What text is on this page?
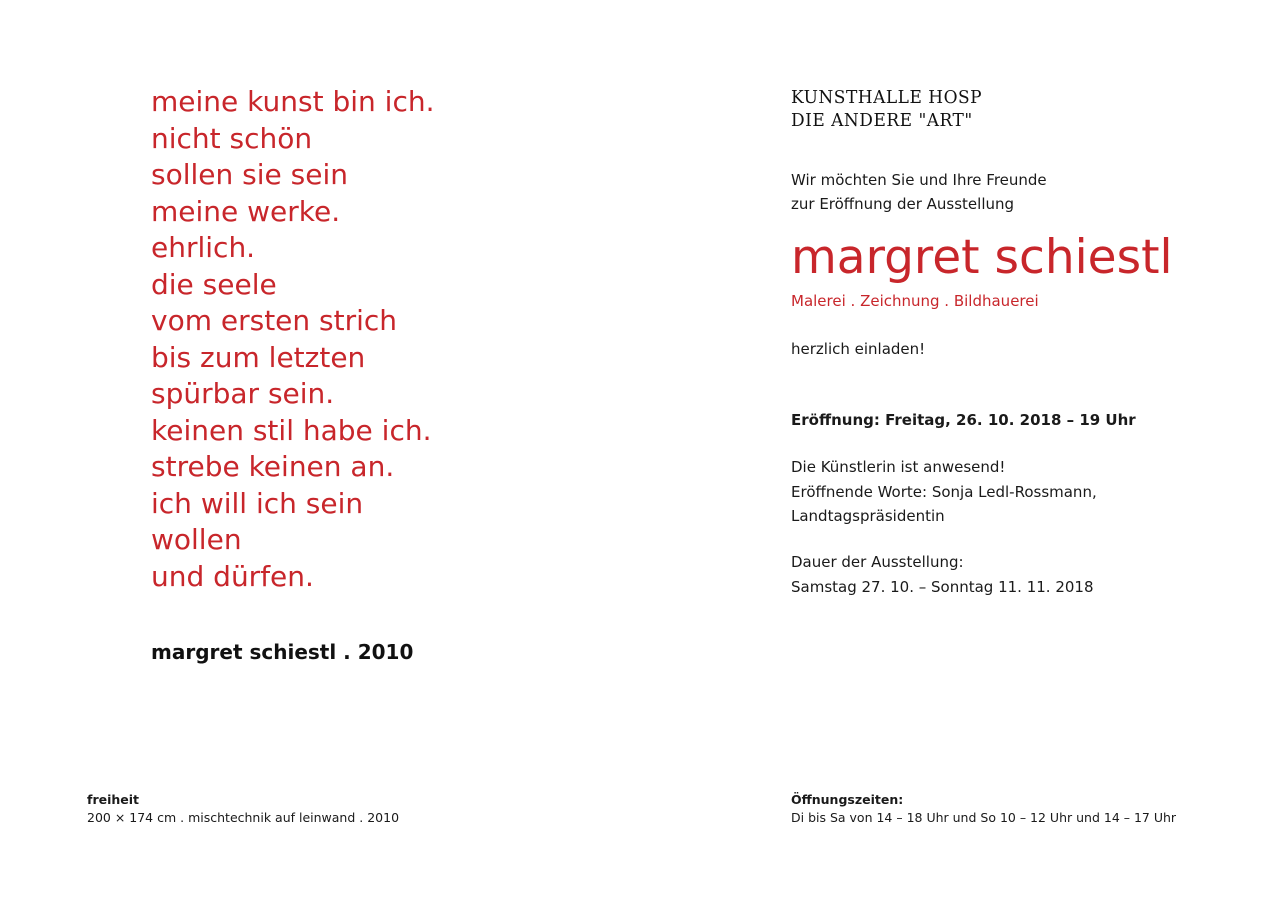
meine kunst bin ich.
nicht schön
sollen sie sein
meine werke.
ehrlich.
die seele
vom ersten strich
bis zum letzten
spürbar sein.
keinen stil habe ich.
strebe keinen an.
ich will ich sein
wollen
und dürfen.
margret schiestl . 2010
freiheit
200 × 174 cm . mischtechnik auf leinwand . 2010
KUNSTHALLE HOSP
DIE ANDERE "ART"
Wir möchten Sie und Ihre Freunde
zur Eröffnung der Ausstellung
margret schiestl
Malerei . Zeichnung . Bildhauerei
herzlich einladen!
Eröffnung: Freitag, 26. 10. 2018 – 19 Uhr
Die Künstlerin ist anwesend!
Eröffnende Worte: Sonja Ledl-Rossmann,
Landtagspräsidentin
Dauer der Ausstellung:
Samstag 27. 10. – Sonntag 11. 11. 2018
Öffnungszeiten:
Di bis Sa von 14 – 18 Uhr und So 10 – 12 Uhr und 14 – 17 Uhr
